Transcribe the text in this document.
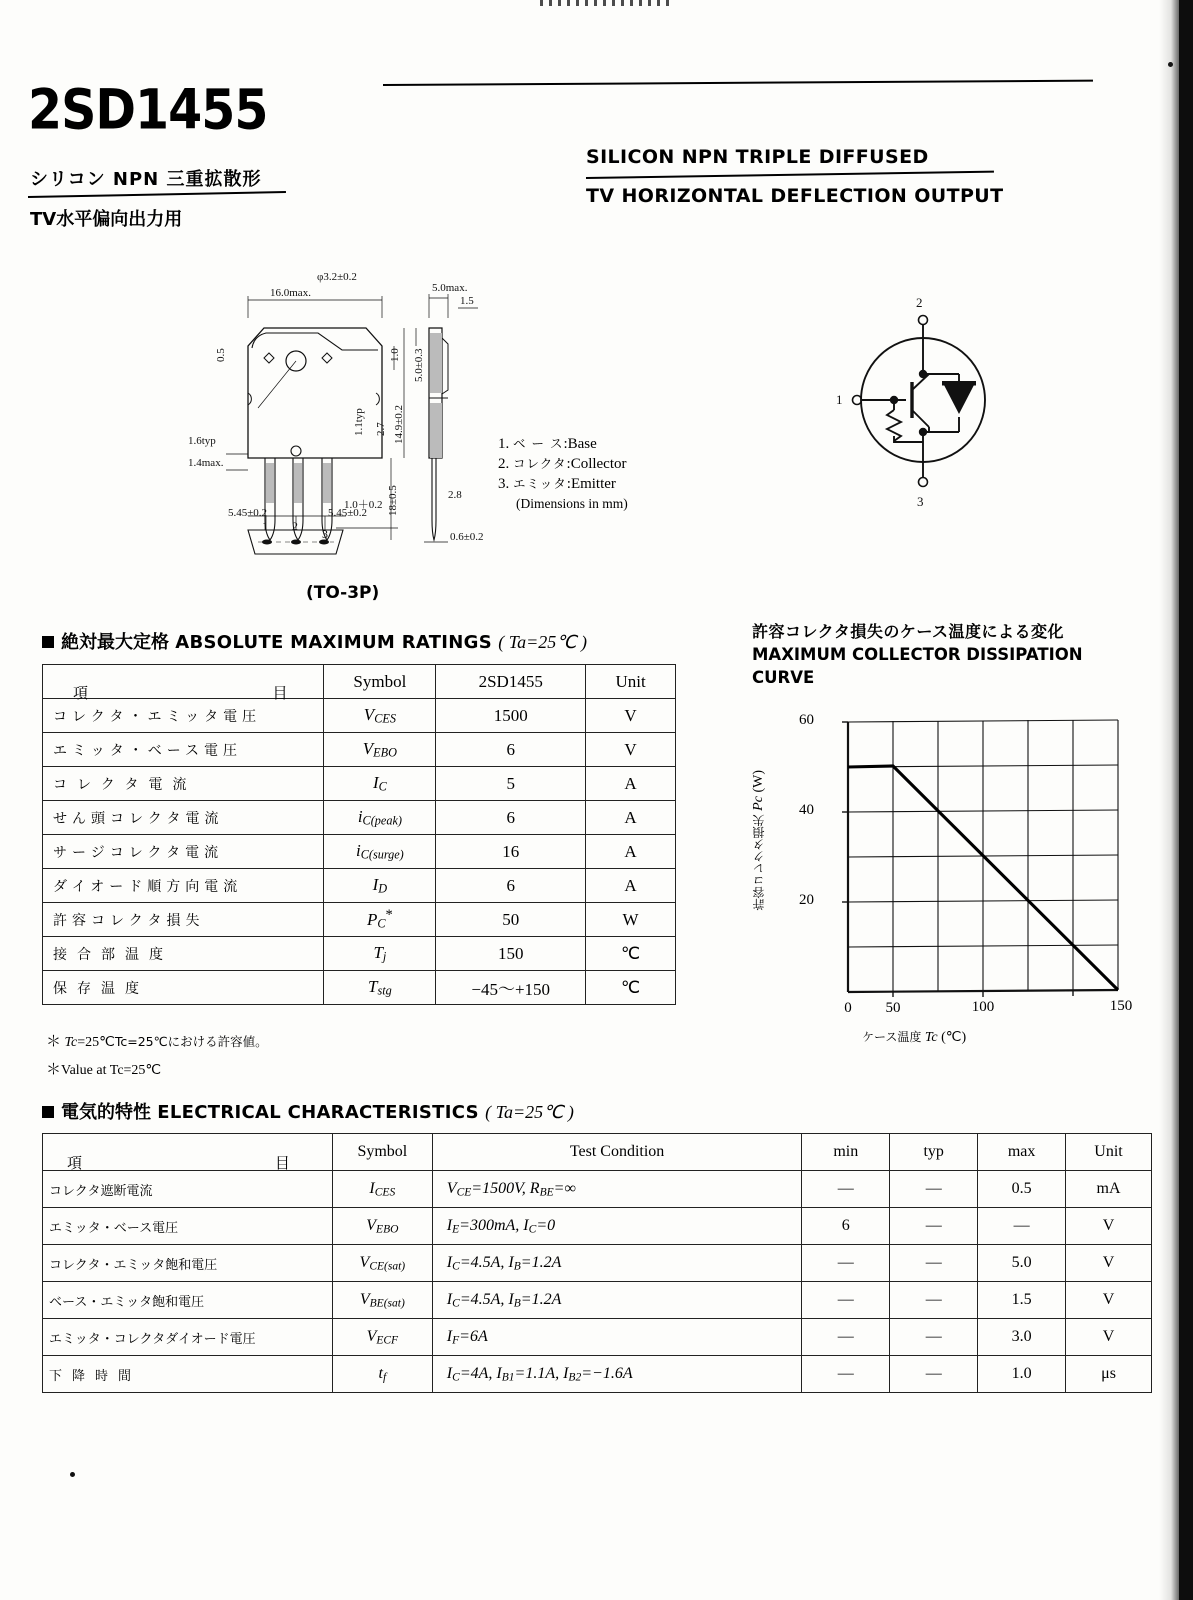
2SD1455
シリコン NPN 三重拡散形
TV水平偏向出力用
SILICON NPN TRIPLE DIFFUSED
TV HORIZONTAL DEFLECTION OUTPUT
16.0max.
φ3.2±0.2
5.0max.
1.5
0.5	1.0 5.0±0.3
1.1typ 2.7 14.9±0.2
1.6typ
1.4max.
18±0.5	2.8
1.0＋0.2
0.6±0.2
5.45±0.2	5.45±0.2
1 2
3
(TO-3P)
1. ベ ー ス:Base
2. コレクタ:Collector
3. エミッタ:Emitter
(Dimensions in mm)
2
1
3
絶対最大定格 ABSOLUTE MAXIMUM RATINGS ( Ta=25℃ )
項 目	Symbol	2SD1455	Unit
コレクタ・エミッタ電圧	$V_{CES}$	1500	V
エミッタ・ベース電圧	$V_{EBO}$	6	V
コレクタ電流	$I_C$	5	A
せん頭コレクタ電流	$i_{C(peak)}$	6	A
サージコレクタ電流	$i_{C(surge)}$	16	A
ダイオード順方向電流	$I_D$	6	A
許容コレクタ損失	$P_C^*$	50	W
接合部温度	$T_j$	150	℃
保存温度	$T_{stg}$	−45～+150	℃
＊ Tc=25℃Tc=25℃における許容値。
＊Value at Tc=25℃
許容コレクタ損失のケース温度による変化
MAXIMUM COLLECTOR DISSIPATION
CURVE
許容コレクタ損失 Pc (W)
60
40
20
0	50	100	150
ケース温度 Tc (℃)
電気的特性 ELECTRICAL CHARACTERISTICS ( Ta=25℃ )
項 目	Symbol	Test Condition	min	typ	max	Unit
コレクタ遮断電流	$I_{CES}$	$V_{CE}=1500V$, $R_{BE}=\infty$	—	—	0.5	mA
エミッタ・ベース電圧	$V_{EBO}$	$I_E=300mA$, $I_C=0$	6	—	—	V
コレクタ・エミッタ飽和電圧	$V_{CE(sat)}$	$I_C=4.5A$, $I_B=1.2A$	—	—	5.0	V
ベース・エミッタ飽和電圧	$V_{BE(sat)}$	$I_C=4.5A$, $I_B=1.2A$	—	—	1.5	V
エミッタ・コレクタダイオード電圧	$V_{ECF}$	$I_F=6A$	—	—	3.0	V
下降時間	$t_f$	$I_C=4A$, $I_{B1}=1.1A$, $I_{B2}=-1.6A$	—	—	1.0	μs
